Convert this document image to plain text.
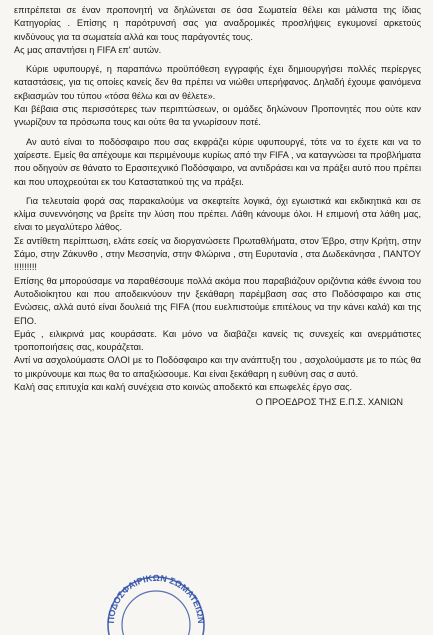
επιτρέπεται σε έναν προπονητή να δηλώνεται σε όσα Σωματεία θέλει και μάλιστα της ίδιας Κατηγορίας . Επίσης η παρότρυνσή σας για αναδρομικές προσλήψεις εγκυμονεί αρκετούς κινδύνους για τα σωματεία αλλά και τους παράγοντές τους.

Ας μας απαντήσει η FIFA επ' αυτών.

Κύριε υφυπουργέ, η παραπάνω προϋπόθεση εγγραφής έχει δημιουργήσει πολλές περίεργες καταστάσεις, για τις οποίες κανείς δεν θα πρέπει να νιώθει υπερήφανος. Δηλαδή έχουμε φαινόμενα εκβιασμών του τύπου «τόσα θέλω και αν θέλετε».

Και βέβαια στις περισσότερες των περιπτώσεων, οι ομάδες δηλώνουν Προπονητές που ούτε καν γνωρίζουν τα πρόσωπα τους και ούτε θα τα γνωρίσουν ποτέ.

Αν αυτό είναι το ποδόσφαιρο που σας εκφράζει κύριε υφυπουργέ, τότε να το έχετε και να το χαίρεστε. Εμείς θα απέχουμε και περιμένουμε κυρίως από την FIFA , να καταγνώσει τα προβλήματα που οδηγούν σε θάνατο το Ερασιτεχνικό Ποδόσφαιρο, να αντιδράσει και να πράξει αυτό που πρέπει και που υποχρεούται εκ του Καταστατικού της να πράξει.

Για τελευταία φορά σας παρακαλούμε να σκεφτείτε λογικά, όχι εγωιστικά και εκδικητικά και σε κλίμα συνεννόησης να βρείτε την λύση που πρέπει. Λάθη κάνουμε όλοι. Η επιμονή στα λάθη μας, είναι το μεγαλύτερο λάθος.

Σε αντίθετη περίπτωση, ελάτε εσείς να διοργανώσετε Πρωταθλήματα, στον Έβρο, στην Κρήτη, στην Σάμο, στην Ζάκυνθο , στην Μεσσηνία, στην Φλώρινα , στη Ευρυτανία , στα Δωδεκάνησα , ΠΑΝΤΟΥ !!!!!!!!!

Επίσης θα μπορούσαμε να παραθέσουμε πολλά ακόμα που παραβιάζουν οριζόντια κάθε έννοια του Αυτοδιοίκητου και που αποδεικνύουν την ξεκάθαρη παρέμβαση σας στο Ποδόσφαιρο και στις Ενώσεις, αλλά αυτό είναι δουλειά της FIFA (που ευελπιστούμε επιτέλους να την κάνει καλά) και της ΕΠΟ.

Εμάς , ειλικρινά μας κουράσατε. Και μόνο να διαβάζει κανείς τις συνεχείς και ανερμάτιστες τροποποιήσεις σας, κουράζεται.

Αντί να ασχολούμαστε ΟΛΟΙ με το Ποδόσφαιρο και την ανάπτυξη του , ασχολούμαστε με το πώς θα το μικρύνουμε και πως θα το απαξιώσουμε. Και είναι ξεκάθαρη η ευθύνη σας σ αυτό.

Καλή σας επιτυχία και καλή συνέχεια στο κοινώς αποδεκτό και επωφελές έργο σας.

Ο ΠΡΟΕΔΡΟΣ ΤΗΣ Ε.Π.Σ. ΧΑΝΙΩΝ
ΠΟΔΟΣΦΑΙΡΙΚΩΝ ΣΩΜΑΤΕΙΩΝ
